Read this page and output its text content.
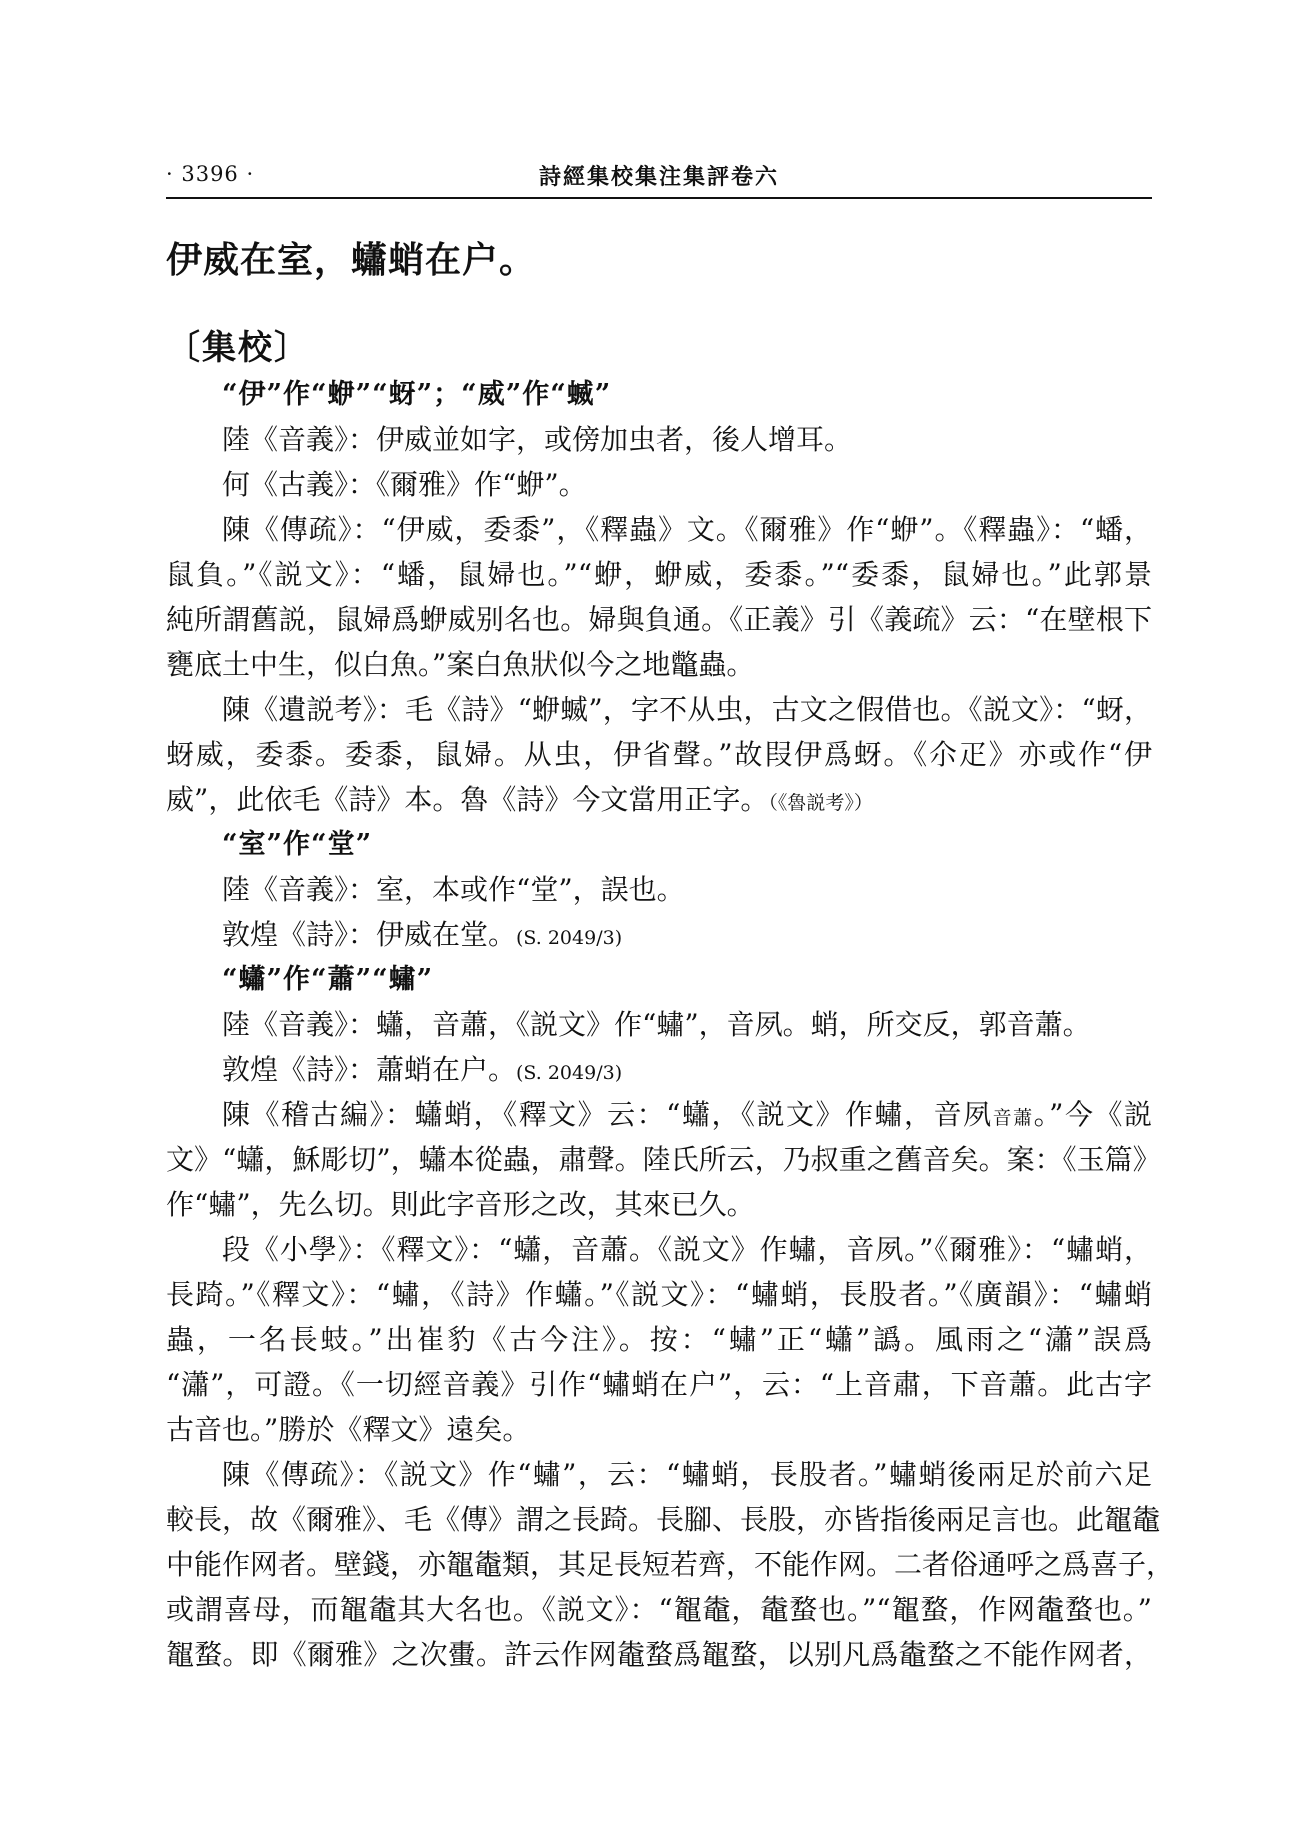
· 3396 ·	詩經集校集注集評卷六
伊威在室，蠨蛸在户。
〔集校〕
“伊”作“蛜”“蚜”；“威”作“蝛”
陸《音義》：伊威並如字，或傍加虫者，後人增耳。
何《古義》：《爾雅》作“蛜”。
陳《傳疏》：“伊威，委黍”，《釋蟲》文。《爾雅》作“蛜”。《釋蟲》：“蟠，
鼠負。”《説文》：“蟠，鼠婦也。”“蛜，蛜威，委黍。”“委黍，鼠婦也。”此郭景
純所謂舊説，鼠婦爲蛜威别名也。婦與負通。《正義》引《義疏》云：“在壁根下
甕底土中生，似白魚。”案白魚狀似今之地鼈蟲。
陳《遺説考》：毛《詩》“蛜蝛”，字不从虫，古文之假借也。《説文》：“蚜，
蚜威，委黍。委黍，鼠婦。从虫，伊省聲。”故叚伊爲蚜。《尒疋》亦或作“伊
威”，此依毛《詩》本。魯《詩》今文當用正字。（《魯説考》）
“室”作“堂”
陸《音義》：室，本或作“堂”，誤也。
敦煌《詩》：伊威在堂。(S. 2049/3)
“蠨”作“蕭”“蟰”
陸《音義》：蠨，音蕭，《説文》作“蟰”，音夙。蛸，所交反，郭音蕭。
敦煌《詩》：蕭蛸在户。(S. 2049/3)
陳《稽古編》：蠨蛸，《釋文》云：“蠨，《説文》作蟰，音夙音蕭。”今《説
文》“蠨，穌彫切”，蠨本從蟲，肅聲。陸氏所云，乃叔重之舊音矣。案：《玉篇》
作“蟰”，先么切。則此字音形之改，其來已久。
段《小學》：《釋文》：“蠨，音蕭。《説文》作蟰，音夙。”《爾雅》：“蟰蛸，
長踦。”《釋文》：“蟰，《詩》作蠨。”《説文》：“蟰蛸，長股者。”《廣韻》：“蟰蛸
蟲，一名長蚑。”出崔豹《古今注》。按：“蟰”正“蠨”譌。風雨之“瀟”誤爲
“瀟”，可證。《一切經音義》引作“蟰蛸在户”，云：“上音肅，下音蕭。此古字
古音也。”勝於《釋文》遠矣。
陳《傳疏》：《説文》作“蟰”，云：“蟰蛸，長股者。”蟰蛸後兩足於前六足
較長，故《爾雅》、毛《傳》謂之長踦。長腳、長股，亦皆指後兩足言也。此鼅鼄
中能作网者。壁錢，亦鼅鼄類，其足長短若齊，不能作网。二者俗通呼之爲喜子，
或謂喜母，而鼅鼄其大名也。《説文》：“鼅鼄，鼄蝥也。”“鼅蝥，作网鼄蝥也。”
鼅蝥。即《爾雅》之次蟗。許云作网鼄蝥爲鼅蝥，以别凡爲鼄蝥之不能作网者，
